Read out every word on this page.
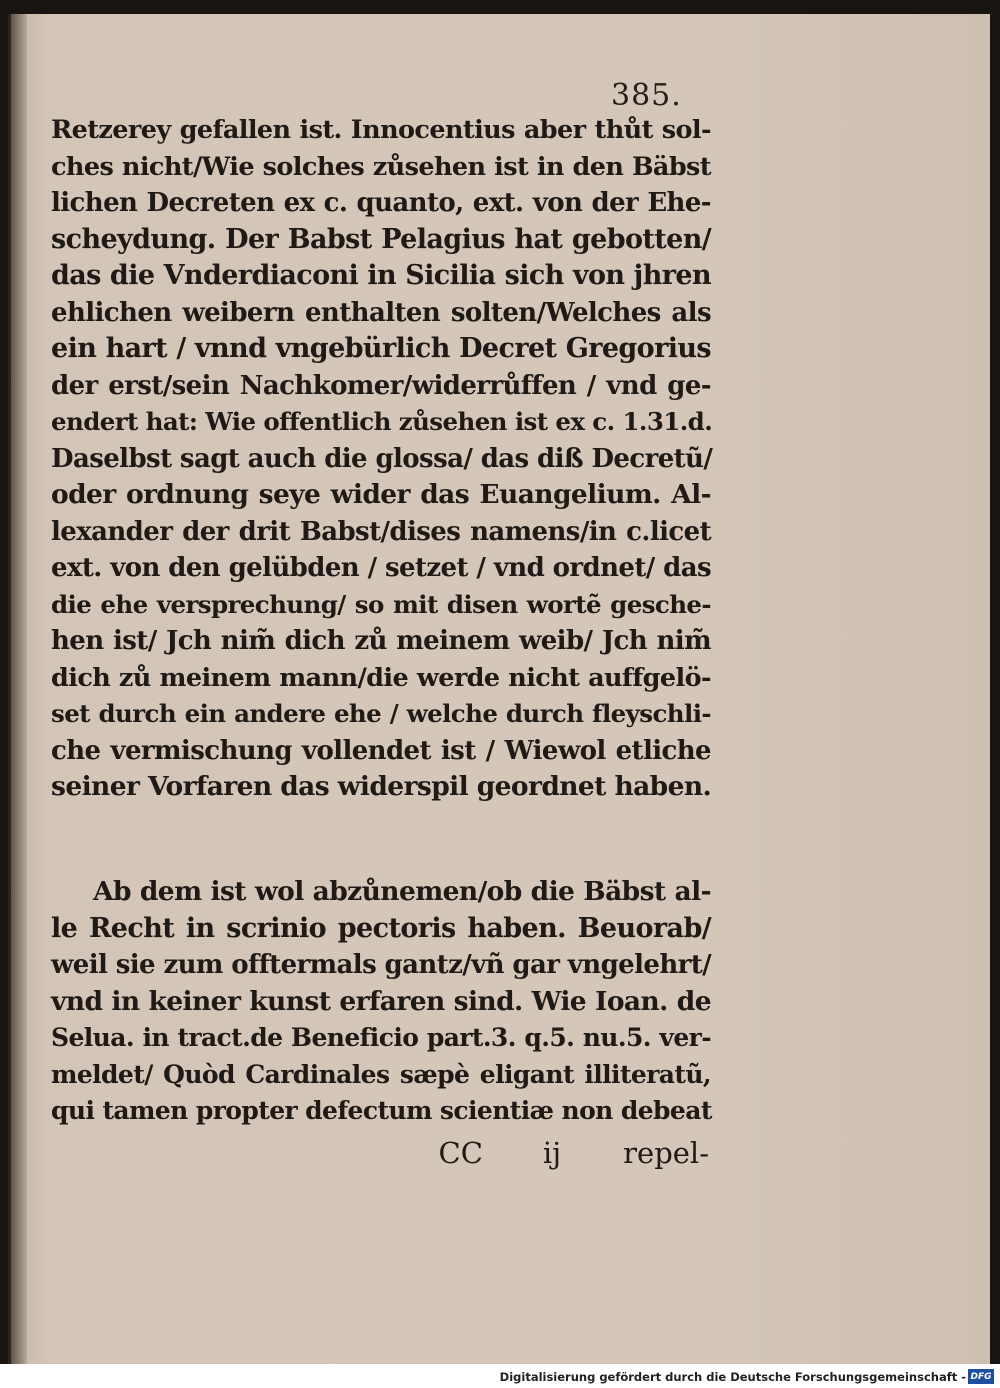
385.
Retzerey gefallen ist. Innocentius aber thůt sol-
ches nicht/Wie solches zůsehen ist in den Bäbst
lichen Decreten ex c. quanto, ext. von der Ehe-
scheydung. Der Babst Pelagius hat gebotten/
das die Vnderdiaconi in Sicilia sich von jhren
ehlichen weibern enthalten solten/Welches als
ein hart / vnnd vngebürlich Decret Gregorius
der erst/sein Nachkomer/widerrůffen / vnd ge-
endert hat: Wie offentlich zůsehen ist ex c. 1.31.d.
Daselbst sagt auch die glossa/ das diß Decretũ/
oder ordnung seye wider das Euangelium. Al-
lexander der drit Babst/dises namens/in c.licet
ext. von den gelübden / setzet / vnd ordnet/ das
die ehe versprechung/ so mit disen wortẽ gesche-
hen ist/ Jch nim̃ dich zů meinem weib/ Jch nim̃
dich zů meinem mann/die werde nicht auffgelö-
set durch ein andere ehe / welche durch fleyschli-
che vermischung vollendet ist / Wiewol etliche
seiner Vorfaren das widerspil geordnet haben.
Ab dem ist wol abzůnemen/ob die Bäbst al-
le Recht in scrinio pectoris haben. Beuorab/
weil sie zum offtermals gantz/vñ gar vngelehrt/
vnd in keiner kunst erfaren sind. Wie Ioan. de
Selua. in tract.de Beneficio part.3. q.5. nu.5. ver-
meldet/ Quòd Cardinales sæpè eligant illiteratũ,
qui tamen propter defectum scientiæ non debeat
CC ij repel-
Digitalisierung gefördert durch die Deutsche Forschungsgemeinschaft - DFG
